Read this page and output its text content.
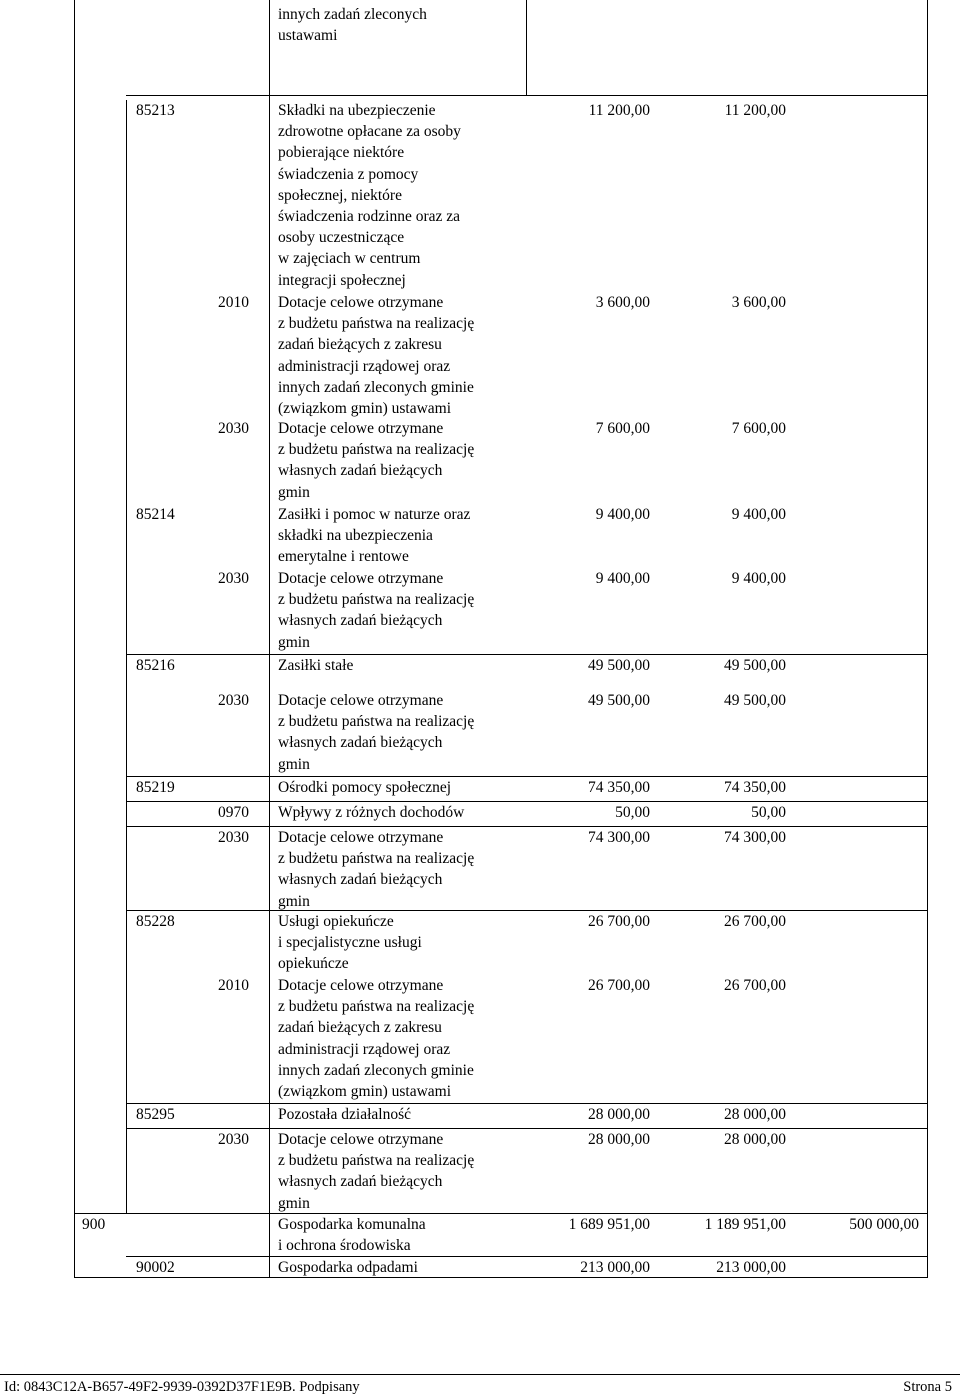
innych zadań zleconych
ustawami
85213	Składki na ubezpieczenie
zdrowotne opłacane za osoby
pobierające niektóre
świadczenia z pomocy
społecznej, niektóre
świadczenia rodzinne oraz za
osoby uczestniczące
w zajęciach w centrum
integracji społecznej
11 200,00	11 200,00
2010 Dotacje celowe otrzymane
z budżetu państwa na realizację
zadań bieżących z zakresu
administracji rządowej oraz
innych zadań zleconych gminie
(związkom gmin) ustawami
3 600,00	3 600,00
2030 Dotacje celowe otrzymane
z budżetu państwa na realizację
własnych zadań bieżących
gmin
7 600,00	7 600,00
85214	Zasiłki i pomoc w naturze oraz
składki na ubezpieczenia
emerytalne i rentowe
9 400,00	9 400,00
2030 Dotacje celowe otrzymane
z budżetu państwa na realizację
własnych zadań bieżących
gmin
9 400,00	9 400,00
85216	Zasiłki stałe	49 500,00	49 500,00
2030 Dotacje celowe otrzymane
z budżetu państwa na realizację
własnych zadań bieżących
gmin
49 500,00	49 500,00
85219	Ośrodki pomocy społecznej	74 350,00	74 350,00
0970 Wpływy z różnych dochodów	50,00	50,00
2030 Dotacje celowe otrzymane
z budżetu państwa na realizację
własnych zadań bieżących
gmin
74 300,00	74 300,00
85228	Usługi opiekuńcze
i specjalistyczne usługi
opiekuńcze
26 700,00	26 700,00
2010 Dotacje celowe otrzymane
z budżetu państwa na realizację
zadań bieżących z zakresu
administracji rządowej oraz
innych zadań zleconych gminie
(związkom gmin) ustawami
26 700,00	26 700,00
85295	Pozostała działalność	28 000,00	28 000,00
2030 Dotacje celowe otrzymane
z budżetu państwa na realizację
własnych zadań bieżących
gmin
28 000,00	28 000,00
900	Gospodarka komunalna
i ochrona środowiska
1 689 951,00	1 189 951,00	500 000,00
90002	Gospodarka odpadami	213 000,00	213 000,00
Id: 0843C12A-B657-49F2-9939-0392D37F1E9B. Podpisany	Strona 5
